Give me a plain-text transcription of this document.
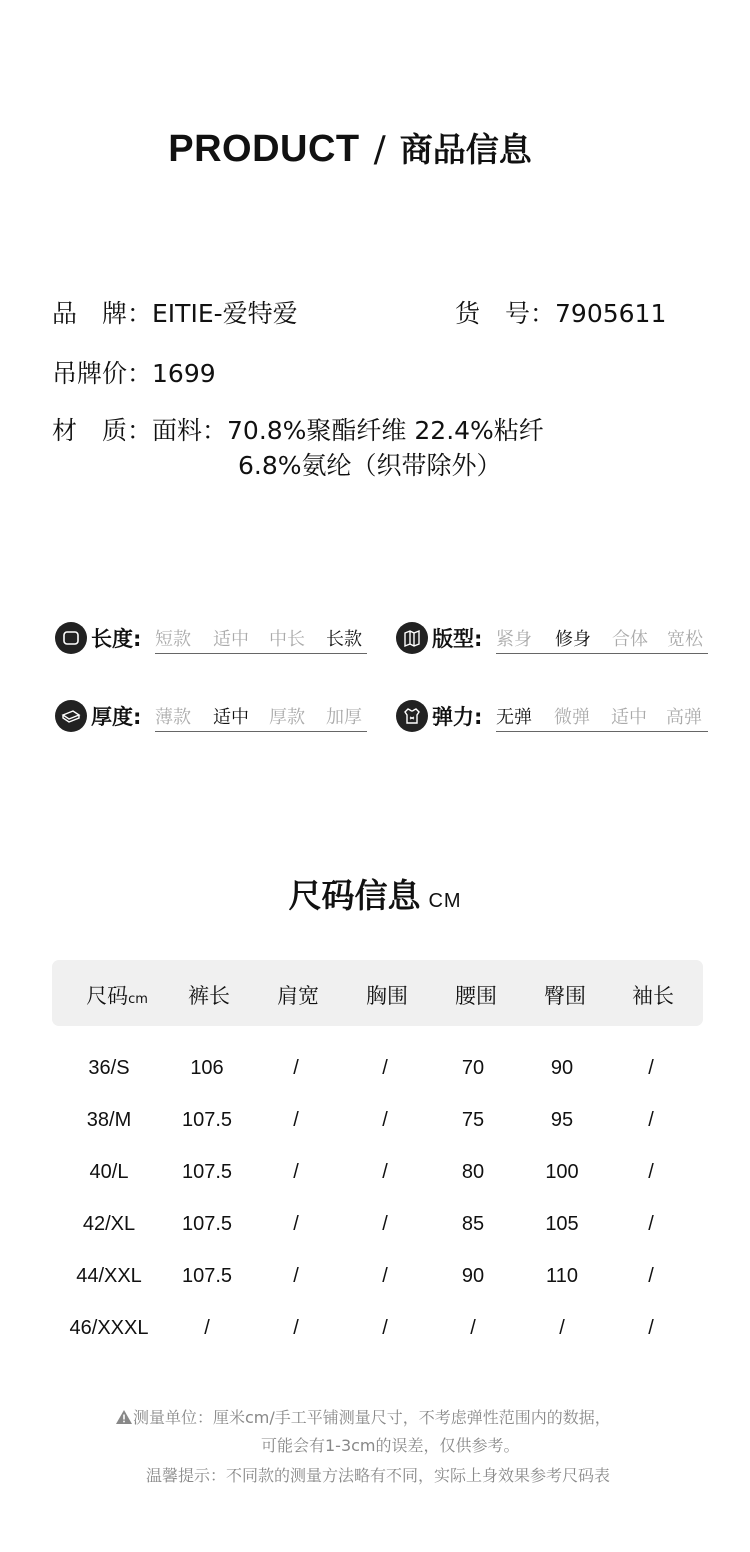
PRODUCT / 商品信息
品　牌：EITIE-爱特爱	货　号：7905611
吊牌价：1699
材　质：面料：70.8%聚酯纤维 22.4%粘纤
6.8%氨纶（织带除外）
长度: 短款 适中 中长 长款	版型: 紧身 修身 合体 宽松
厚度: 薄款 适中 厚款 加厚	弹力: 无弹 微弹 适中 高弹
尺码信息 CM
尺码cm 裤长 肩宽 胸围 腰围 臀围 袖长
36/S	106	/	/	70	90	/
38/M	107.5	/	/	75	95	/
40/L	107.5	/	/	80	100	/
42/XL 107.5	/	/	85	105	/
44/XXL 107.5	/	/	90	110	/
46/XXXL	/	/	/	/	/	/
测量单位：厘米cm/手工平铺测量尺寸，不考虑弹性范围内的数据，
可能会有1-3cm的误差，仅供参考。
温馨提示：不同款的测量方法略有不同，实际上身效果参考尺码表
